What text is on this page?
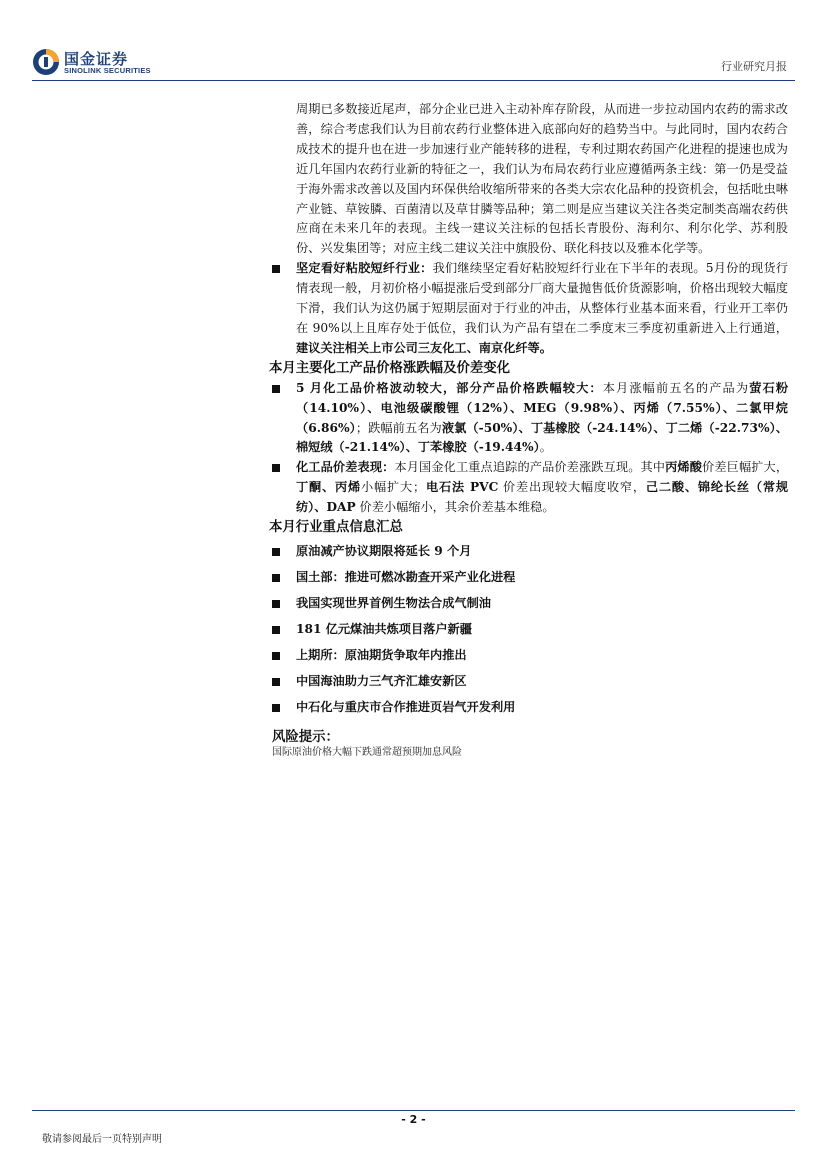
国金证券
SINOLINK SECURITIES	行业研究月报

周期已多数接近尾声，部分企业已进入主动补库存阶段，从而进一步拉动国内农药的需求改善，综合考虑我们认为目前农药行业整体进入底部向好的趋势当中。与此同时，国内农药合成技术的提升也在进一步加速行业产能转移的进程，专利过期农药国产化进程的提速也成为近几年国内农药行业新的特征之一，我们认为布局农药行业应遵循两条主线：第一仍是受益于海外需求改善以及国内环保供给收缩所带来的各类大宗农化品种的投资机会，包括吡虫啉产业链、草铵膦、百菌清以及草甘膦等品种；第二则是应当建议关注各类定制类高端农药供应商在未来几年的表现。主线一建议关注标的包括长青股份、海利尔、利尔化学、苏利股份、兴发集团等；对应主线二建议关注中旗股份、联化科技以及雅本化学等。

坚定看好粘胶短纤行业：我们继续坚定看好粘胶短纤行业在下半年的表现。5月份的现货行情表现一般，月初价格小幅提涨后受到部分厂商大量抛售低价货源影响，价格出现较大幅度下滑，我们认为这仍属于短期层面对于行业的冲击，从整体行业基本面来看，行业开工率仍在 90%以上且库存处于低位，我们认为产品有望在二季度末三季度初重新进入上行通道，建议关注相关上市公司三友化工、南京化纤等。
本月主要化工产品价格涨跌幅及价差变化
5 月化工品价格波动较大，部分产品价格跌幅较大：本月涨幅前五名的产品为萤石粉（14.10%）、电池级碳酸锂（12%）、MEG（9.98%）、丙烯（7.55%）、二氯甲烷（6.86%）；跌幅前五名为液氯（-50%）、丁基橡胶（-24.14%）、丁二烯（-22.73%）、棉短绒（-21.14%）、丁苯橡胶（-19.44%）。
化工品价差表现：本月国金化工重点追踪的产品价差涨跌互现。其中丙烯酸价差巨幅扩大，丁酮、丙烯小幅扩大；电石法 PVC 价差出现较大幅度收窄，己二酸、锦纶长丝（常规纺）、DAP 价差小幅缩小，其余价差基本维稳。
本月行业重点信息汇总
原油减产协议期限将延长 9 个月
国土部：推进可燃冰勘查开采产业化进程
我国实现世界首例生物法合成气制油
181 亿元煤油共炼项目落户新疆
上期所：原油期货争取年内推出
中国海油助力三气齐汇雄安新区
中石化与重庆市合作推进页岩气开发利用
风险提示：
国际原油价格大幅下跌通常超预期加息风险
- 2 -
敬请参阅最后一页特别声明
